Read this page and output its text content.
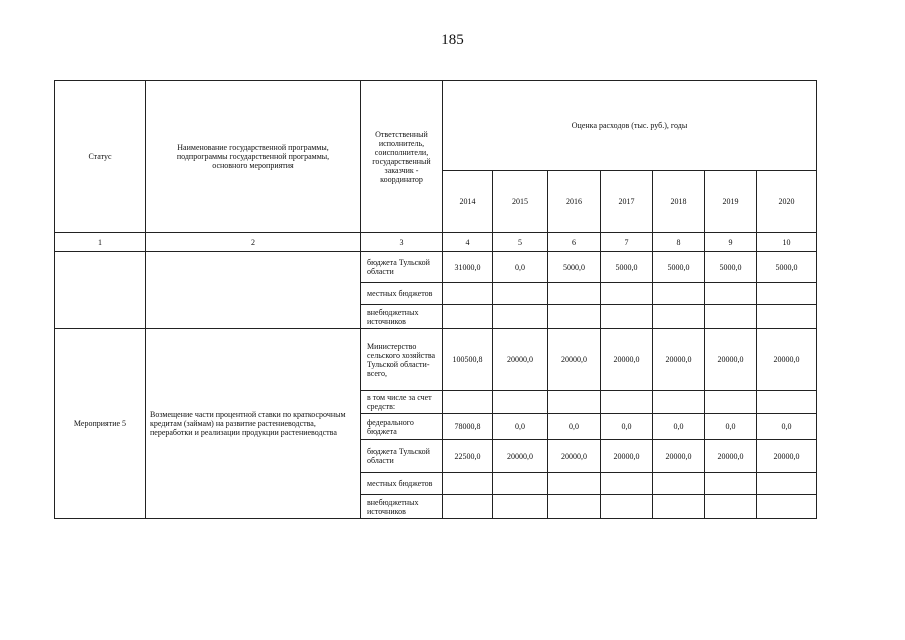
185
Статус	Наименование государственной программы, подпрограммы государственной программы, основного мероприятия	Ответственный исполнитель, соисполнители, государственный заказчик - координатор	Оценка расходов (тыс. руб.), годы						
			2014	2015	2016	2017	2018	2019	2020
1	2	3	4	5	6	7	8	9	10
		бюджета Тульской области	31000,0	0,0	5000,0	5000,0	5000,0	5000,0	5000,0
		местных бюджетов							
		внебюджетных источников							
Мероприятие 5	Возмещение части процентной ставки по краткосрочным кредитам (займам) на развитие растениеводства, переработки и реализации продукции растениеводства	Министерство сельского хозяйства Тульской области- всего,	100500,8	20000,0	20000,0	20000,0	20000,0	20000,0	20000,0
		в том числе за счет средств:							
		федерального бюджета	78000,8	0,0	0,0	0,0	0,0	0,0	0,0
		бюджета Тульской области	22500,0	20000,0	20000,0	20000,0	20000,0	20000,0	20000,0
		местных бюджетов							
		внебюджетных источников							
